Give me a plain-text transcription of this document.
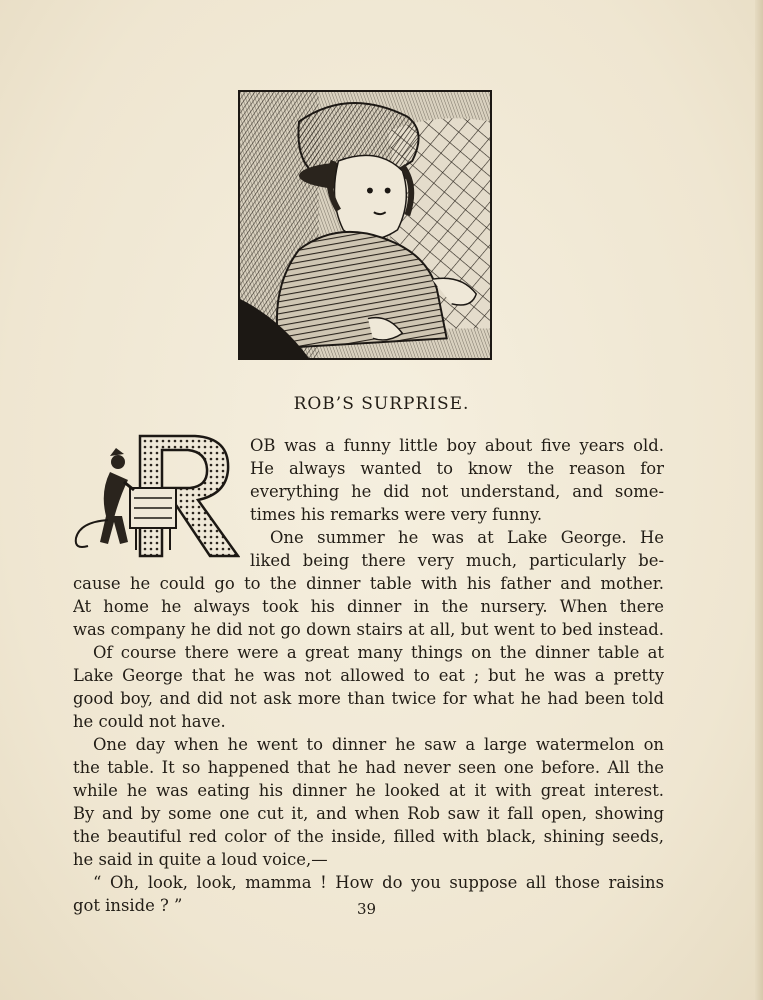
ROB’S SURPRISE.
OB was a funny little boy about five years old.
He always wanted to know the reason for
everything he did not understand, and some-
times his remarks were very funny.
One summer he was at Lake George. He
liked being there very much, particularly be-
cause he could go to the dinner table with his father and mother.
At home he always took his dinner in the nursery. When there
was company he did not go down stairs at all, but went to bed instead.
Of course there were a great many things on the dinner table at
Lake George that he was not allowed to eat ; but he was a pretty
good boy, and did not ask more than twice for what he had been told
he could not have.
One day when he went to dinner he saw a large watermelon on
the table. It so happened that he had never seen one before. All the
while he was eating his dinner he looked at it with great interest.
By and by some one cut it, and when Rob saw it fall open, showing
the beautiful red color of the inside, filled with black, shining seeds,
he said in quite a loud voice,—
“ Oh, look, look, mamma ! How do you suppose all those raisins
got inside ? ”	39
